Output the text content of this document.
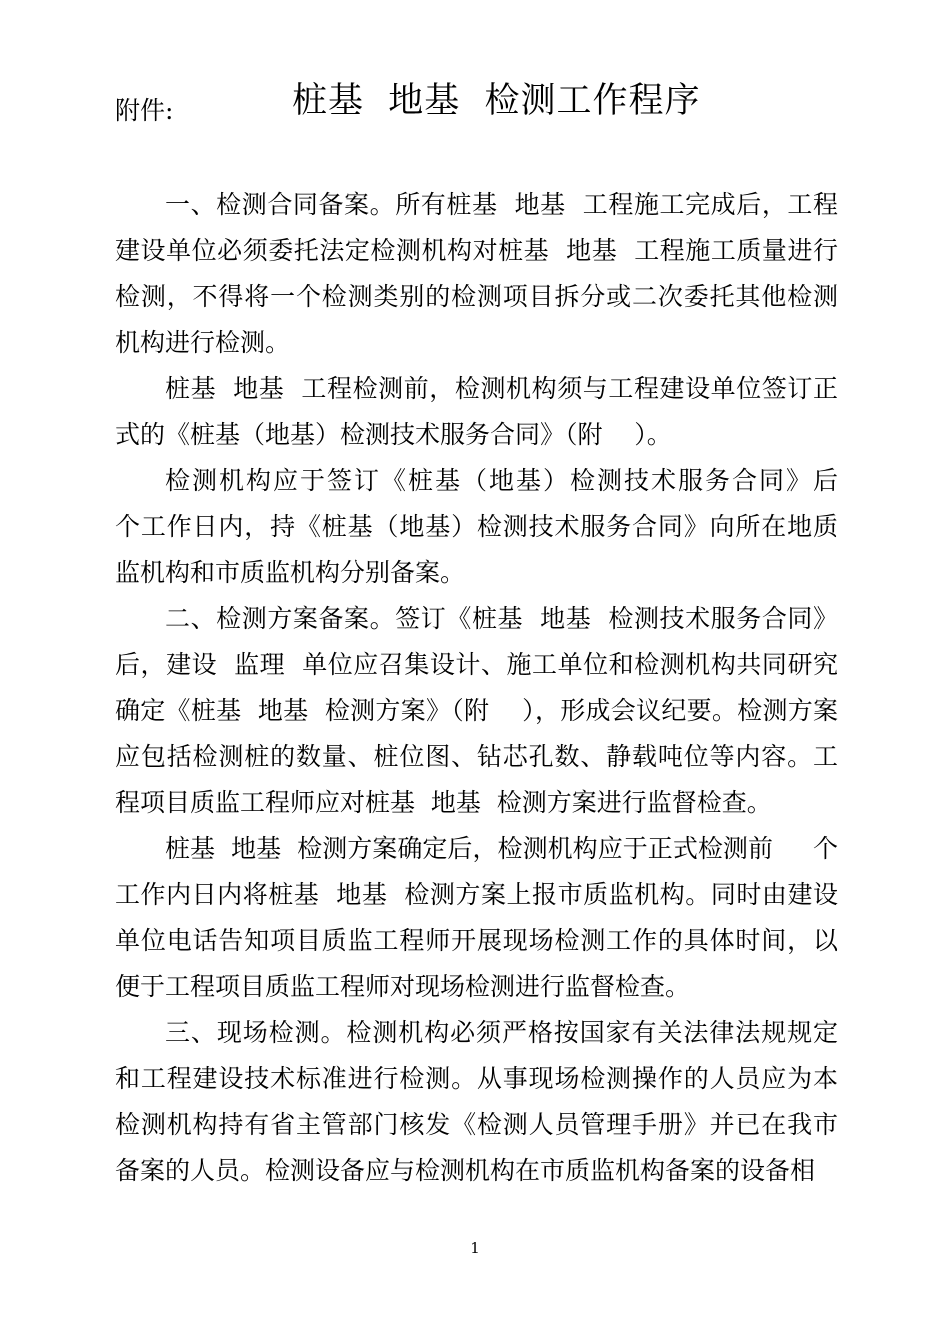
附件:	桩基  地基  检测工作程序

一、检测合同备案。所有桩基  地基  工程施工完成后，工程建设单位必须委托法定检测机构对桩基  地基  工程施工质量进行检测，不得将一个检测类别的检测项目拆分或二次委托其他检测机构进行检测。

桩基  地基  工程检测前，检测机构须与工程建设单位签订正式的《桩基（地基）检测技术服务合同》（附    ）。

检测机构应于签订《桩基（地基）检测技术服务合同》后    个工作日内，持《桩基（地基）检测技术服务合同》向所在地质监机构和市质监机构分别备案。

二、检测方案备案。签订《桩基  地基  检测技术服务合同》后，建设  监理  单位应召集设计、施工单位和检测机构共同研究确定《桩基  地基  检测方案》（附    ），形成会议纪要。检测方案应包括检测桩的数量、桩位图、钻芯孔数、静载吨位等内容。工程项目质监工程师应对桩基  地基  检测方案进行监督检查。

桩基  地基  检测方案确定后，检测机构应于正式检测前     个工作内日内将桩基  地基  检测方案上报市质监机构。同时由建设单位电话告知项目质监工程师开展现场检测工作的具体时间，以便于工程项目质监工程师对现场检测进行监督检查。

三、现场检测。检测机构必须严格按国家有关法律法规规定和工程建设技术标准进行检测。从事现场检测操作的人员应为本检测机构持有省主管部门核发《检测人员管理手册》并已在我市备案的人员。检测设备应与检测机构在市质监机构备案的设备相

1
